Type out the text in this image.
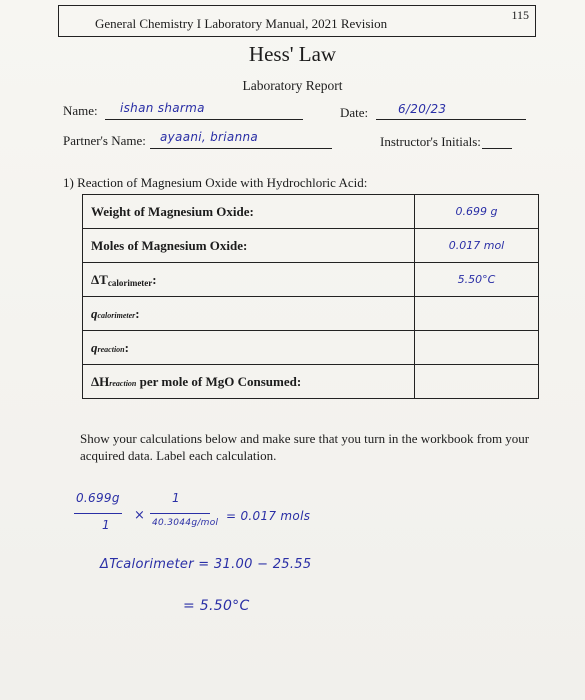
115
General Chemistry I Laboratory Manual, 2021 Revision
Hess' Law
Laboratory Report
Name: ishan sharma	Date: 6/20/23
Partner's Name: ayaani, brianna	Instructor's Initials:
1) Reaction of Magnesium Oxide with Hydrochloric Acid:
Weight of Magnesium Oxide:	0.699 g
Moles of Magnesium Oxide:	0.017 mol
ΔTcalorimeter:	5.50°C
qcalorimeter:	
qreaction:	
ΔHreaction per mole of MgO Consumed:	
Show your calculations below and make sure that you turn in the workbook from your acquired data. Label each calculation.
0.699g
1
×
1
40.3044g/mol = 0.017 mols
ΔTcalorimeter = 31.00 − 25.55
= 5.50°C
